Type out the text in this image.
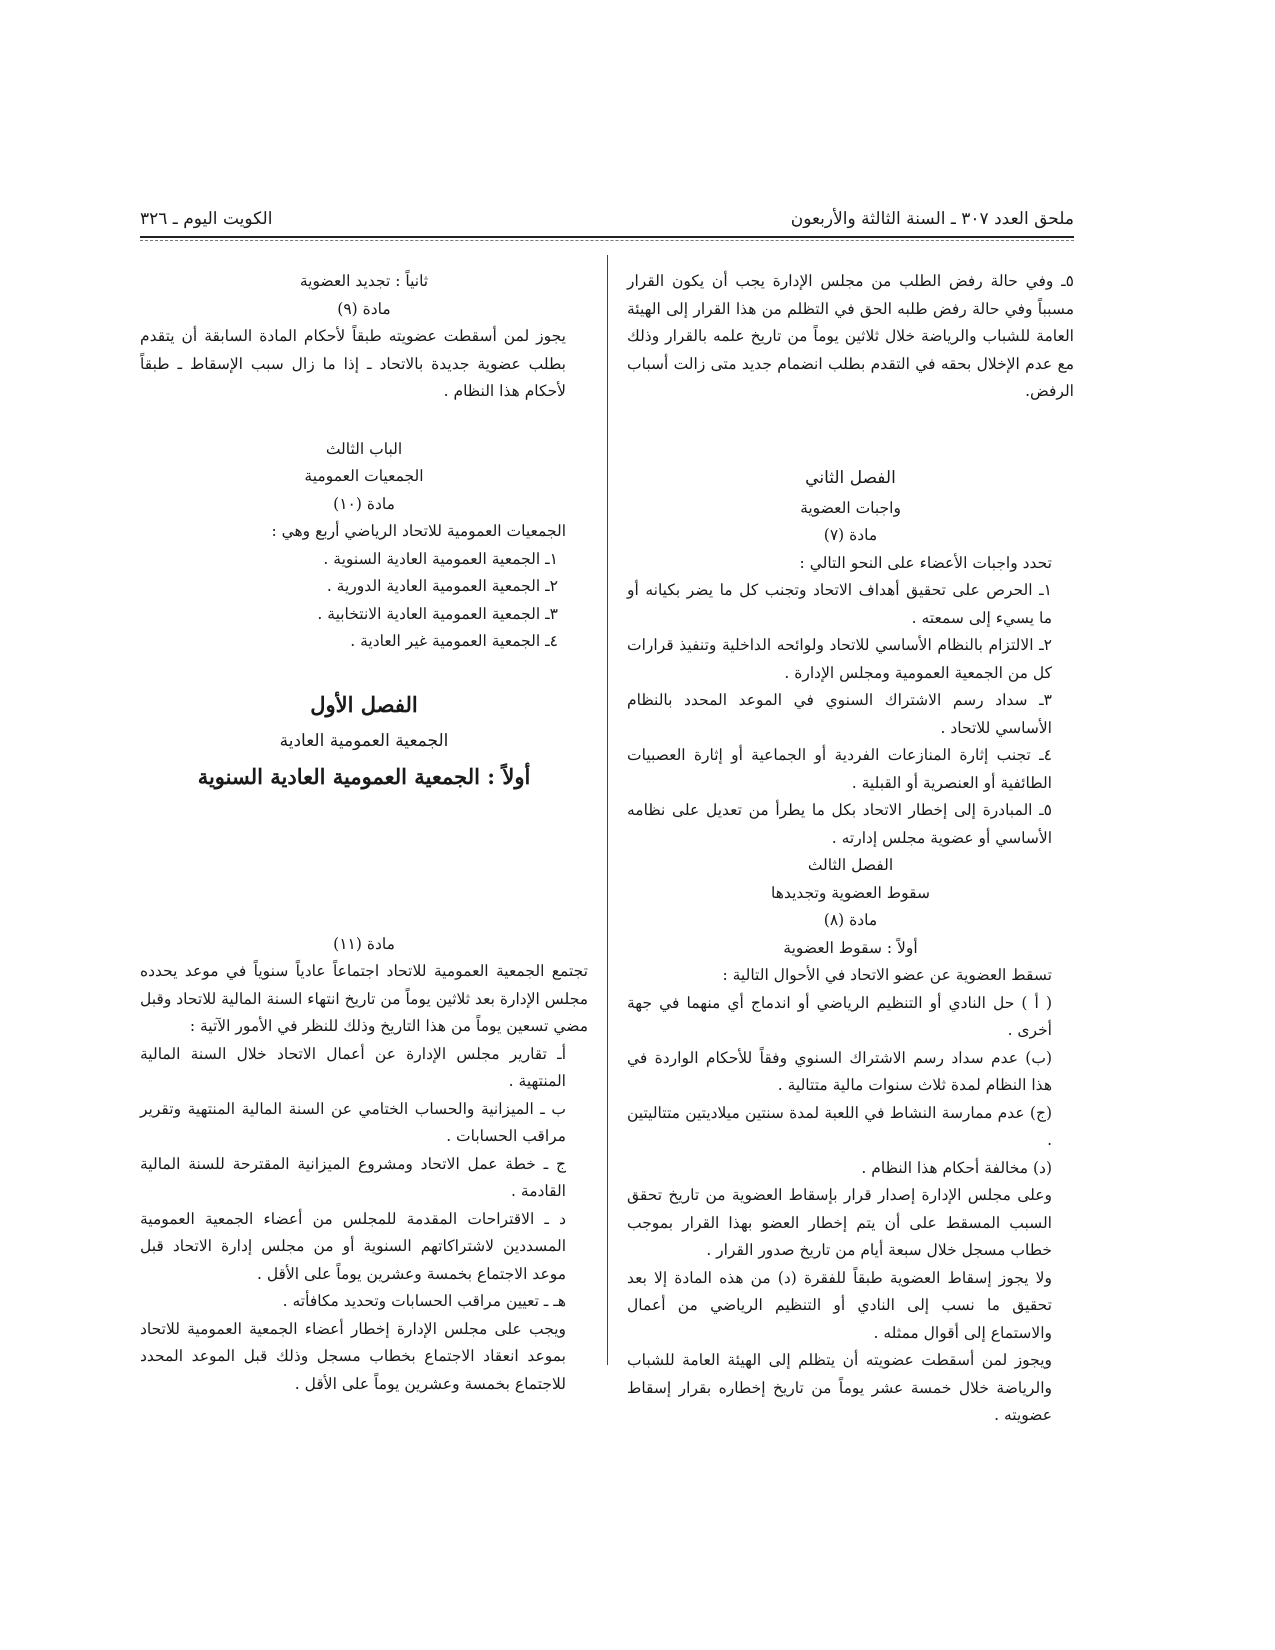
ملحق العدد ٣٠٧ ـ السنة الثالثة والأربعون
الكويت اليوم ـ ٣٢٦

٥ـ وفي حالة رفض الطلب من مجلس الإدارة يجب أن يكون القرار مسبباً وفي حالة رفض طلبه الحق في التظلم من هذا القرار إلى الهيئة العامة للشباب والرياضة خلال ثلاثين يوماً من تاريخ علمه بالقرار وذلك مع عدم الإخلال بحقه في التقدم بطلب انضمام جديد متى زالت أسباب الرفض.

الفصل الثاني

واجبات العضوية

مادة (٧)

تحدد واجبات الأعضاء على النحو التالي :

١ـ الحرص على تحقيق أهداف الاتحاد وتجنب كل ما يضر بكيانه أو ما يسيء إلى سمعته .

٢ـ الالتزام بالنظام الأساسي للاتحاد ولوائحه الداخلية وتنفيذ قرارات كل من الجمعية العمومية ومجلس الإدارة .

٣ـ سداد رسم الاشتراك السنوي في الموعد المحدد بالنظام الأساسي للاتحاد .

٤ـ تجنب إثارة المنازعات الفردية أو الجماعية أو إثارة العصبيات الطائفية أو العنصرية أو القبلية .

٥ـ المبادرة إلى إخطار الاتحاد بكل ما يطرأ من تعديل على نظامه الأساسي أو عضوية مجلس إدارته .

الفصل الثالث

سقوط العضوية وتجديدها

مادة (٨)

أولاً : سقوط العضوية

تسقط العضوية عن عضو الاتحاد في الأحوال التالية :

( أ ) حل النادي أو التنظيم الرياضي أو اندماج أي منهما في جهة أخرى .

(ب) عدم سداد رسم الاشتراك السنوي وفقاً للأحكام الواردة في هذا النظام لمدة ثلاث سنوات مالية متتالية .

(ج) عدم ممارسة النشاط في اللعبة لمدة سنتين ميلاديتين متتاليتين .

(د) مخالفة أحكام هذا النظام .

وعلى مجلس الإدارة إصدار قرار بإسقاط العضوية من تاريخ تحقق السبب المسقط على أن يتم إخطار العضو بهذا القرار بموجب خطاب مسجل خلال سبعة أيام من تاريخ صدور القرار .

ولا يجوز إسقاط العضوية طبقاً للفقرة (د) من هذه المادة إلا بعد تحقيق ما نسب إلى النادي أو التنظيم الرياضي من أعمال والاستماع إلى أقوال ممثله .

ويجوز لمن أسقطت عضويته أن يتظلم إلى الهيئة العامة للشباب والرياضة خلال خمسة عشر يوماً من تاريخ إخطاره بقرار إسقاط عضويته .

ثانياً : تجديد العضوية

مادة (٩)

يجوز لمن أسقطت عضويته طبقاً لأحكام المادة السابقة أن يتقدم بطلب عضوية جديدة بالاتحاد ـ إذا ما زال سبب الإسقاط ـ طبقاً لأحكام هذا النظام .

الباب الثالث

الجمعيات العمومية

مادة (١٠)

الجمعيات العمومية للاتحاد الرياضي أربع وهي :

١ـ الجمعية العمومية العادية السنوية .

٢ـ الجمعية العمومية العادية الدورية .

٣ـ الجمعية العمومية العادية الانتخابية .

٤ـ الجمعية العمومية غير العادية .

الفصل الأول

الجمعية العمومية العادية

أولاً : الجمعية العمومية العادية السنوية

مادة (١١)

تجتمع الجمعية العمومية للاتحاد اجتماعاً عادياً سنوياً في موعد يحدده مجلس الإدارة بعد ثلاثين يوماً من تاريخ انتهاء السنة المالية للاتحاد وقبل مضي تسعين يوماً من هذا التاريخ وذلك للنظر في الأمور الآتية :

أـ تقارير مجلس الإدارة عن أعمال الاتحاد خلال السنة المالية المنتهية .

ب ـ الميزانية والحساب الختامي عن السنة المالية المنتهية وتقرير مراقب الحسابات .

ج ـ خطة عمل الاتحاد ومشروع الميزانية المقترحة للسنة المالية القادمة .

د ـ الاقتراحات المقدمة للمجلس من أعضاء الجمعية العمومية المسددين لاشتراكاتهم السنوية أو من مجلس إدارة الاتحاد قبل موعد الاجتماع بخمسة وعشرين يوماً على الأقل .

هـ ـ تعيين مراقب الحسابات وتحديد مكافأته .

ويجب على مجلس الإدارة إخطار أعضاء الجمعية العمومية للاتحاد بموعد انعقاد الاجتماع بخطاب مسجل وذلك قبل الموعد المحدد للاجتماع بخمسة وعشرين يوماً على الأقل .
